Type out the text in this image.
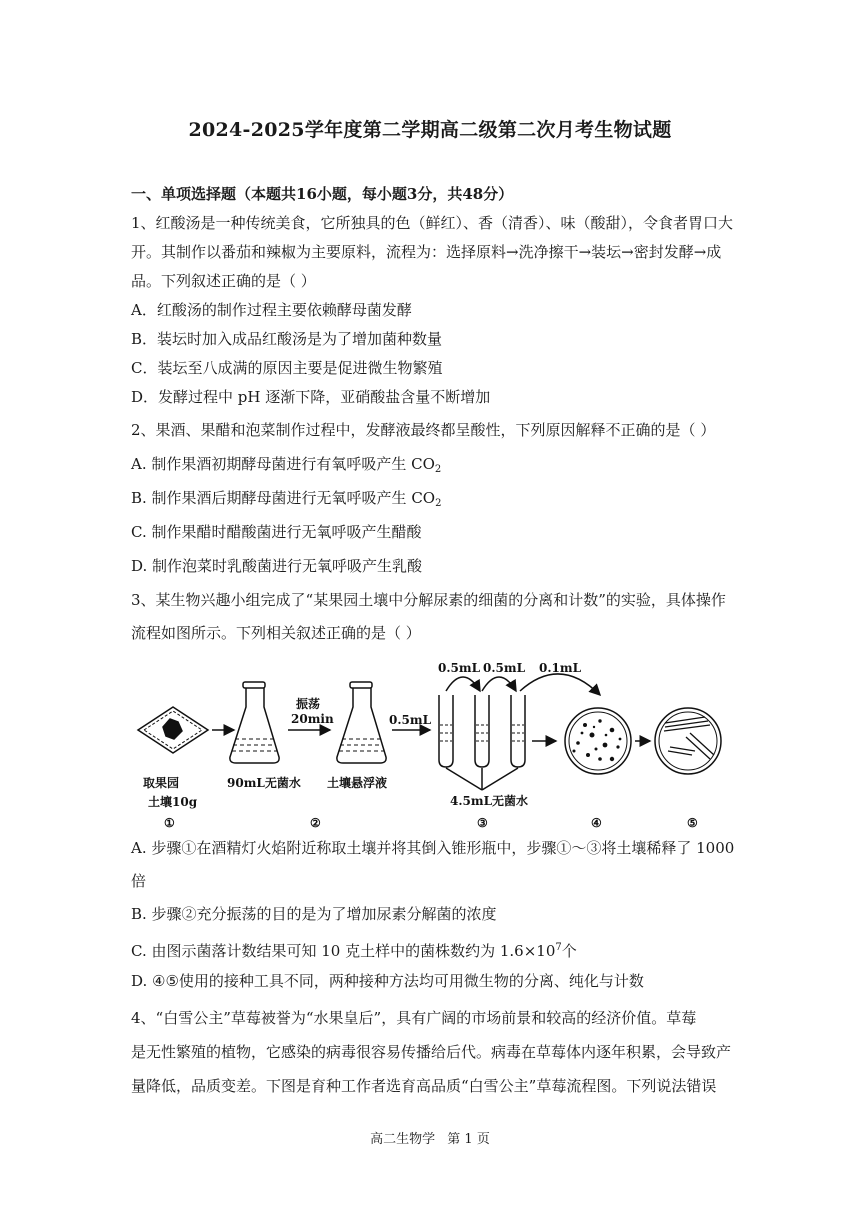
2024-2025学年度第二学期高二级第二次月考生物试题
一、单项选择题（本题共16小题，每小题3分，共48分）
1、红酸汤是一种传统美食，它所独具的色（鲜红）、香（清香）、味（酸甜），令食者胃口大
开。其制作以番茄和辣椒为主要原料，流程为：选择原料→洗净擦干→装坛→密封发酵→成
品。下列叙述正确的是（ ）
A．红酸汤的制作过程主要依赖酵母菌发酵
B．装坛时加入成品红酸汤是为了增加菌种数量
C．装坛至八成满的原因主要是促进微生物繁殖
D．发酵过程中 pH 逐渐下降，亚硝酸盐含量不断增加
2、果酒、果醋和泡菜制作过程中，发酵液最终都呈酸性，下列原因解释不正确的是（ ）
A. 制作果酒初期酵母菌进行有氧呼吸产生 $CO_2$
B. 制作果酒后期酵母菌进行无氧呼吸产生 $CO_2$
C. 制作果醋时醋酸菌进行无氧呼吸产生醋酸
D. 制作泡菜时乳酸菌进行无氧呼吸产生乳酸
3、某生物兴趣小组完成了“某果园土壤中分解尿素的细菌的分离和计数”的实验，具体操作
流程如图所示。下列相关叙述正确的是（ ）
0.5mL 0.5mL 0.1mL
振荡
20min	0.5mL
取果园
土壤10g
90mL无菌水 土壤悬浮液
4.5mL无菌水
①	②	③	④	⑤
A. 步骤①在酒精灯火焰附近称取土壤并将其倒入锥形瓶中，步骤①～③将土壤稀释了 1000
倍
B. 步骤②充分振荡的目的是为了增加尿素分解菌的浓度
C. 由图示菌落计数结果可知 10 克土样中的菌株数约为 $1.6\times 10^7$个
D. ④⑤使用的接种工具不同，两种接种方法均可用微生物的分离、纯化与计数
4、“白雪公主”草莓被誉为“水果皇后”，具有广阔的市场前景和较高的经济价值。草莓
是无性繁殖的植物，它感染的病毒很容易传播给后代。病毒在草莓体内逐年积累，会导致产
量降低，品质变差。下图是育种工作者选育高品质“白雪公主”草莓流程图。下列说法错误
高二生物学 第 1 页
